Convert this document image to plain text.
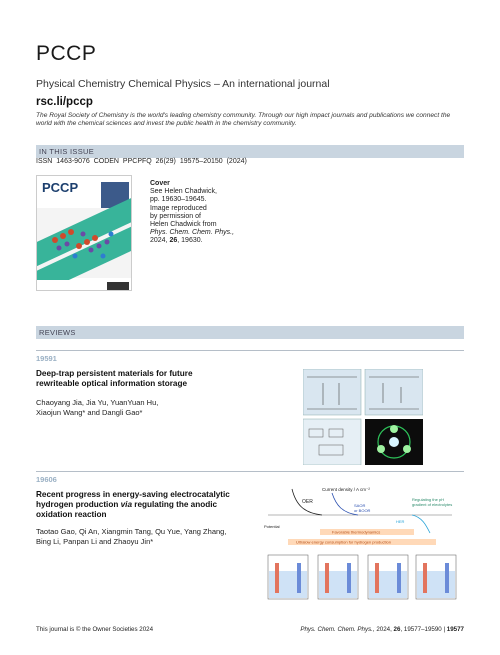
PCCP
Physical Chemistry Chemical Physics – An international journal
rsc.li/pccp
The Royal Society of Chemistry is the world's leading chemistry community. Through our high impact journals and publications we connect the world with the chemical sciences and invest the public health in the chemistry community.
IN THIS ISSUE
ISSN 1463-9076 CODEN PPCPFQ 26(29) 19575–20150 (2024)
PCCP	Cover
See Helen Chadwick,
pp. 19630–19645.
Image reproduced
by permission of
Helen Chadwick from
Phys. Chem. Chem. Phys.,
2024, 26, 19630.
REVIEWS
19591
Deep-trap persistent materials for future
rewriteable optical information storage
Chaoyang Jia, Jia Yu, YuanYuan Hu,
Xiaojun Wang* and Dangli Gao*
19606
Recent progress in energy-saving electrocatalytic
hydrogen production via regulating the anodic
oxidation reaction
Taotao Gao, Qi An, Xiangmin Tang, Qu Yue, Yang Zhang,
Bing Li, Panpan Li and Zhaoyu Jin*
Current density / A cm⁻²
OER
SAOR
or BOOR
Regulating the pH
gradient of electrolytes
HER
Potential
Favorable thermodynamics
Ultralow energy consumption for hydrogen production
This journal is © the Owner Societies 2024	Phys. Chem. Chem. Phys., 2024, 26, 19577–19590 | 19577
